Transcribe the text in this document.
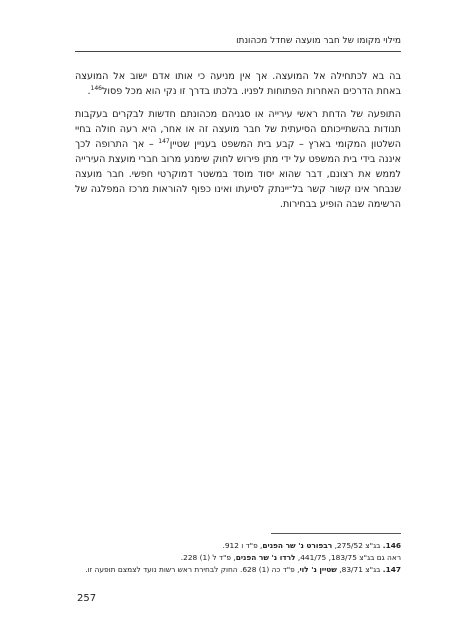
מילוי מקומו של חבר מועצה שחדל מכהונתו
בה בא לכתחילה אל המועצה. אך אין מניעה כי אותו אדם ישוב אל המועצה באחת הדרכים האחרות הפתוחות לפניו. בלכתו בדרך זו נקי הוא מכל פסול$^{146}$.
התופעה של הדחת ראשי עירייה או סגניהם מכהונתם חדשות לבקרים בעקבות תנודות בהשתייכותם הסיעתית של חבר מועצה זה או אחר, היא רעה חולה בחיי השלטון המקומי בארץ – קבע בית המשפט בעניין שטיין$^{147}$ – אך התרופה לכך איננה בידי בית המשפט על ידי מתן פירוש לחוק שימנע מרוב חברי מועצת העירייה לממש את רצונם, דבר שהוא יסוד מוסד במשטר דמוקרטי חפשי. חבר מועצה שנבחר אינו קשור קשר בל־יינתק לסיעתו ואינו כפוף להוראות מרכז המפלגה של הרשימה שבה הופיע בבחירות.
146. בג"צ 275/52, רבפורט נ' שר הפנים, פ"ד ו 912.
ראה גם בג"צ 183/75, 441/75, לרדו נ' שר הפנים, פ"ד ל (1) 228.
147. בג"צ 83/71, שטיין נ' לוי, פ"ד כה (1) 628. החוק לבחירת ראש רשות נועד לצמצם תופעה זו.
257
